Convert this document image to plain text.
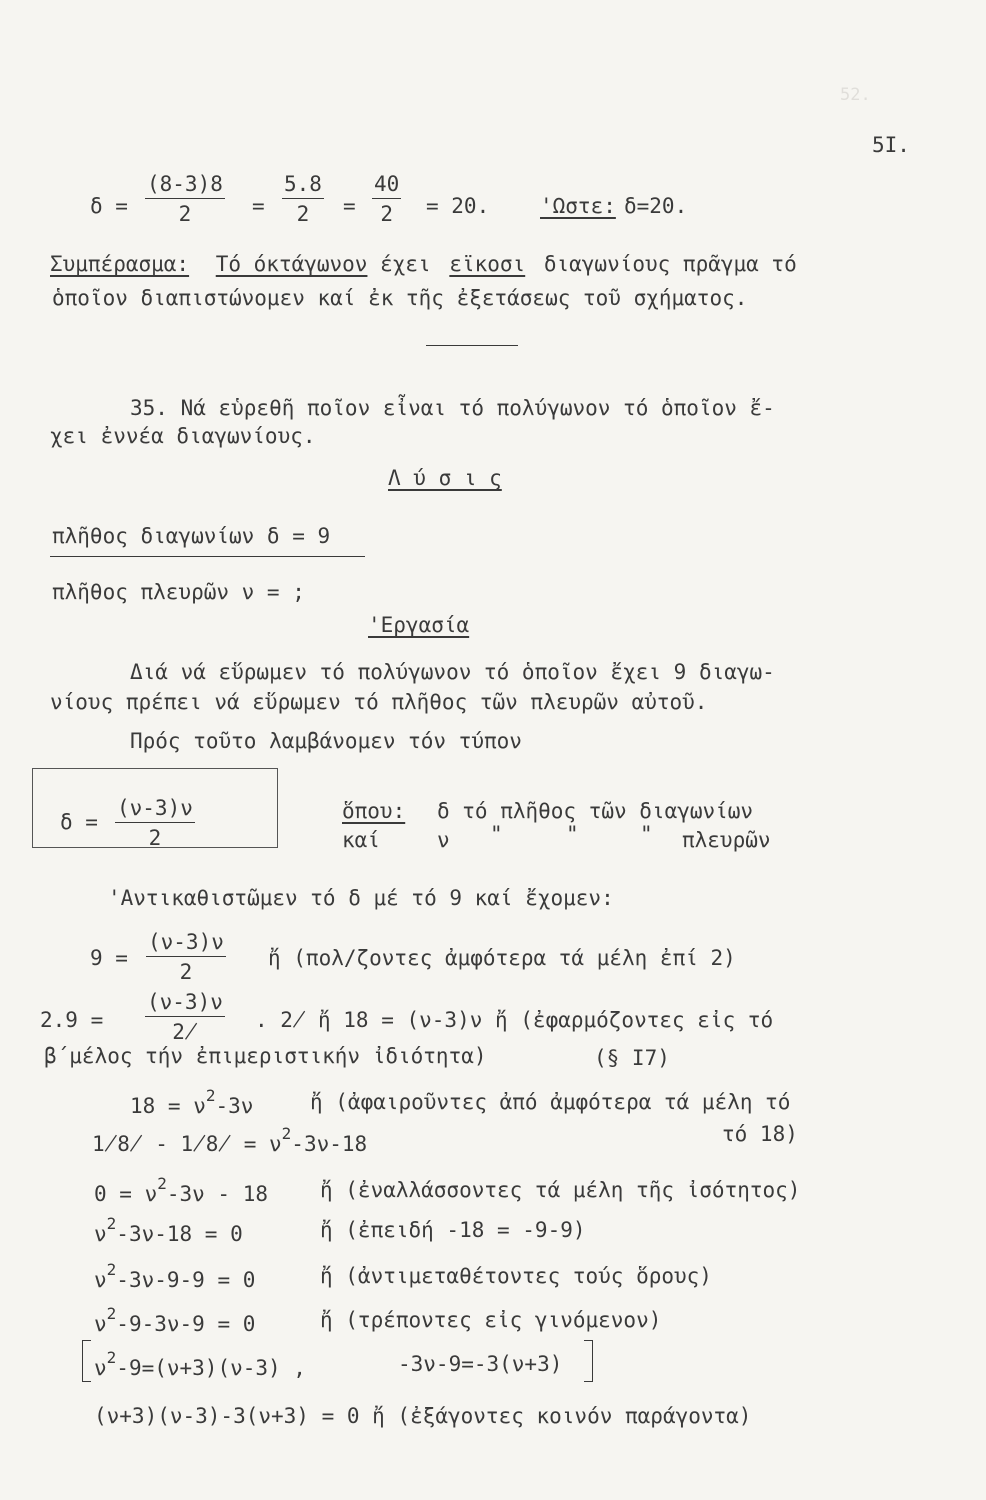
52.
5I.
$\delta = \frac{(8-3)8}{2} = \frac{5.8}{2} = \frac{40}{2} = 20$. 'Ωστε: δ=20.
Συμπέρασμα: Τό όκτάγωνον έχει εϊκοσι διαγωνίους πρᾶγμα τό
ὁποῖον διαπιστώνομεν καί ἐκ τῆς ἐξετάσεως τοῦ σχήματος.
35. Νά εὑρεθῆ ποῖον εἶναι τό πολύγωνον τό ὁποῖον ἔ-
χει ἐννέα διαγωνίους.
Λ ύ σ ι ς
πλῆθος διαγωνίων δ = 9
πλῆθος πλευρῶν ν = ;
'Εργασία
Διά νά εὕρωμεν τό πολύγωνον τό ὁποῖον ἔχει 9 διαγω-
νίους πρέπει νά εὕρωμεν τό πλῆθος τῶν πλευρῶν αὐτοῦ.
Πρός τοῦτο λαμβάνομεν τόν τύπον
$\delta = \frac{(\nu-3)\nu}{2}$	ὅπου: δ τό πλῆθος τῶν διαγωνίων
καί	ν "	"	" πλευρῶν
'Αντικαθιστῶμεν τό δ μέ τό 9 καί ἔχομεν:
$9 = \frac{(\nu-3)\nu}{2}$ ἤ (πολ/ζοντες ἀμφότερα τά μέλη ἐπί 2)
$2.9 = \frac{(\nu-3)\nu}{2̸}$ . 2̸ ἤ 18 = (ν-3)ν ἤ (ἐφαρμόζοντες εἰς τό
β΄μέλος τήν ἐπιμεριστικήν ἰδιότητα)	(§ I7)
$18 = \nu^2-3\nu$	ἤ (ἀφαιροῦντες ἀπό ἀμφότερα τά μέλη τό
1̸8̸ - 1̸8̸ = $\nu^2-3\nu-18$	τό 18)
$0 = \nu^2-3\nu - 18$ ἤ (ἐναλλάσσοντες τά μέλη τῆς ἰσότητος)
$\nu^2-3\nu-18 = 0$	ἤ (ἐπειδή -18 = -9-9)
$\nu^2-3\nu-9-9 = 0$	ἤ (ἀντιμεταθέτοντες τούς ὅρους)
$\nu^2-9-3\nu-9 = 0$	ἤ (τρέποντες εἰς γινόμενον)
$\nu^2-9=(\nu+3)(\nu-3)$ ,	-3ν-9=-3(ν+3)
(ν+3)(ν-3)-3(ν+3) = 0 ἤ (ἐξάγοντες κοινόν παράγοντα)
